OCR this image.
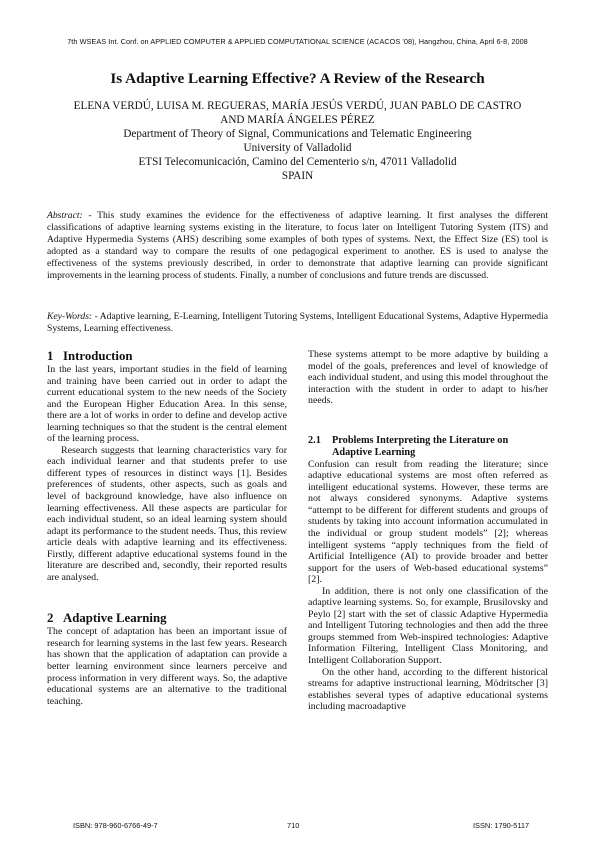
7th WSEAS Int. Conf. on APPLIED COMPUTER & APPLIED COMPUTATIONAL SCIENCE (ACACOS '08), Hangzhou, China, April 6-8, 2008
Is Adaptive Learning Effective? A Review of the Research
ELENA VERDÚ, LUISA M. REGUERAS, MARÍA JESÚS VERDÚ, JUAN PABLO DE CASTRO
AND MARÍA ÁNGELES PÉREZ
Department of Theory of Signal, Communications and Telematic Engineering
University of Valladolid
ETSI Telecomunicación, Camino del Cementerio s/n, 47011 Valladolid
SPAIN
Abstract: - This study examines the evidence for the effectiveness of adaptive learning. It first analyses the different classifications of adaptive learning systems existing in the literature, to focus later on Intelligent Tutoring System (ITS) and Adaptive Hypermedia Systems (AHS) describing some examples of both types of systems. Next, the Effect Size (ES) tool is adopted as a standard way to compare the results of one pedagogical experiment to another. ES is used to analyse the effectiveness of the systems previously described, in order to demonstrate that adaptive learning can provide significant improvements in the learning process of students. Finally, a number of conclusions and future trends are discussed.
Key-Words: - Adaptive learning, E-Learning, Intelligent Tutoring Systems, Intelligent Educational Systems, Adaptive Hypermedia Systems, Learning effectiveness.
1 Introduction

In the last years, important studies in the field of learning and training have been carried out in order to adapt the current educational system to the new needs of the Society and the European Higher Education Area. In this sense, there are a lot of works in order to define and develop active learning techniques so that the student is the central element of the learning process.

Research suggests that learning characteristics vary for each individual learner and that students prefer to use different types of resources in distinct ways [1]. Besides preferences of students, other aspects, such as goals and level of background knowledge, have also influence on learning effectiveness. All these aspects are particular for each individual student, so an ideal learning system should adapt its performance to the student needs. Thus, this review article deals with adaptive learning and its effectiveness. Firstly, different adaptive educational systems found in the literature are described and, secondly, their reported results are analysed.

2 Adaptive Learning

The concept of adaptation has been an important issue of research for learning systems in the last few years. Research has shown that the application of adaptation can provide a better learning environment since learners perceive and process information in very different ways. So, the adaptive educational systems are an alternative to the traditional teaching.

These systems attempt to be more adaptive by building a model of the goals, preferences and level of knowledge of each individual student, and using this model throughout the interaction with the student in order to adapt to his/her needs.

2.1 Problems Interpreting the Literature on
Adaptive Learning

Confusion can result from reading the literature; since adaptive educational systems are most often referred as intelligent educational systems. However, these terms are not always considered synonyms. Adaptive systems “attempt to be different for different students and groups of students by taking into account information accumulated in the individual or group student models” [2]; whereas intelligent systems “apply techniques from the field of Artificial Intelligence (AI) to provide broader and better support for the users of Web-based educational systems” [2].

In addition, there is not only one classification of the adaptive learning systems. So, for example, Brusilovsky and Peylo [2] start with the set of classic Adaptive Hypermedia and Intelligent Tutoring technologies and then add the three groups stemmed from Web-inspired technologies: Adaptive Information Filtering, Intelligent Class Monitoring, and Intelligent Collaboration Support.

On the other hand, according to the different historical streams for adaptive instructional learning, Mödritscher [3] establishes several types of adaptive educational systems including macroadaptive

ISBN: 978-960-6766-49-7	710	ISSN: 1790-5117
